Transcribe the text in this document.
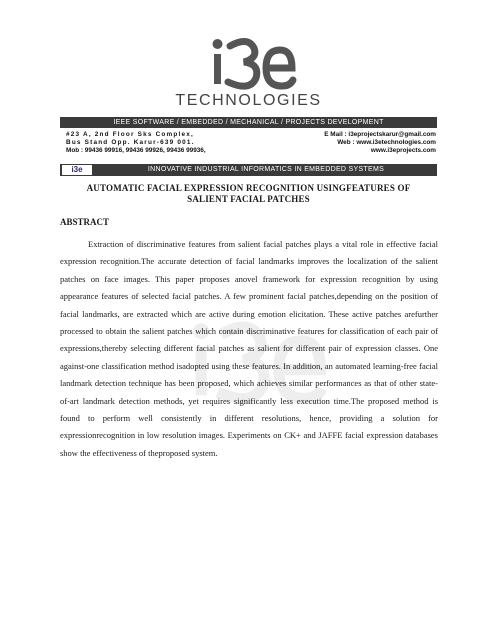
TECHNOLOGIES
IEEE SOFTWARE / EMBEDDED / MECHANICAL / PROJECTS DEVELOPMENT
#23 A, 2nd Floor Sks Complex,
Bus Stand Opp. Karur-639 001.
Mob : 99436 99916, 99436 99926, 99436 99936,
E Mail : i3eprojectskarur@gmail.com
Web : www.i3etechnologies.com
www.i3eprojects.com
i3e	INNOVATIVE INDUSTRIAL INFORMATICS IN EMBEDDED SYSTEMS
AUTOMATIC FACIAL EXPRESSION RECOGNITION USINGFEATURES OF
SALIENT FACIAL PATCHES
ABSTRACT
Extraction of discriminative features from salient facial patches plays a vital role in effective facial expression recognition.The accurate detection of facial landmarks improves the localization of the salient patches on face images. This paper proposes anovel framework for expression recognition by using appearance features of selected facial patches. A few prominent facial patches,depending on the position of facial landmarks, are extracted which are active during emotion elicitation. These active patches arefurther processed to obtain the salient patches which contain discriminative features for classification of each pair of expressions,thereby selecting different facial patches as salient for different pair of expression classes. One against-one classification method isadopted using these features. In addition, an automated learning-free facial landmark detection technique has been proposed, which achieves similar performances as that of other state-of-art landmark detection methods, yet requires significantly less execution time.The proposed method is found to perform well consistently in different resolutions, hence, providing a solution for expressionrecognition in low resolution images. Experiments on CK+ and JAFFE facial expression databases show the effectiveness of theproposed system.
